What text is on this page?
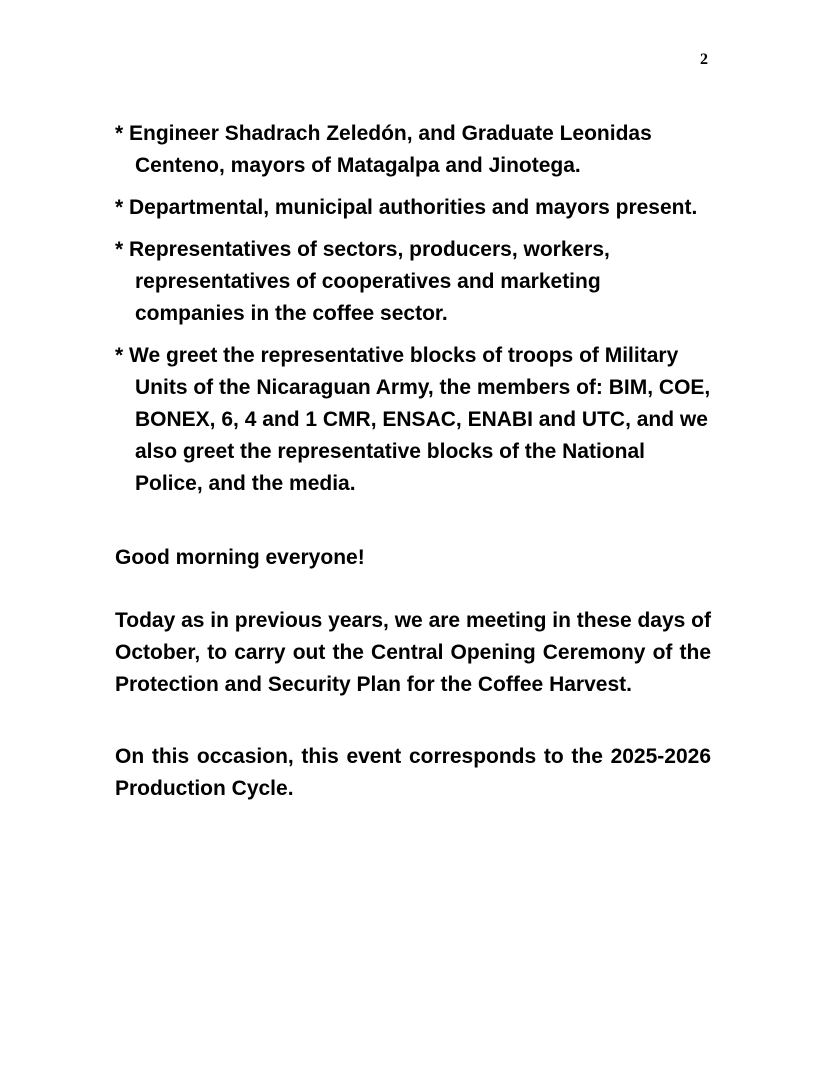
2

* Engineer Shadrach Zeledón, and Graduate Leonidas Centeno, mayors of Matagalpa and Jinotega.

* Departmental, municipal authorities and mayors present.

* Representatives of sectors, producers, workers, representatives of cooperatives and marketing companies in the coffee sector.

* We greet the representative blocks of troops of Military Units of the Nicaraguan Army, the members of: BIM, COE, BONEX, 6, 4 and 1 CMR, ENSAC, ENABI and UTC, and we also greet the representative blocks of the National Police, and the media.

Good morning everyone!

Today as in previous years, we are meeting in these days of October, to carry out the Central Opening Ceremony of the Protection and Security Plan for the Coffee Harvest.

On this occasion, this event corresponds to the 2025-2026 Production Cycle.
